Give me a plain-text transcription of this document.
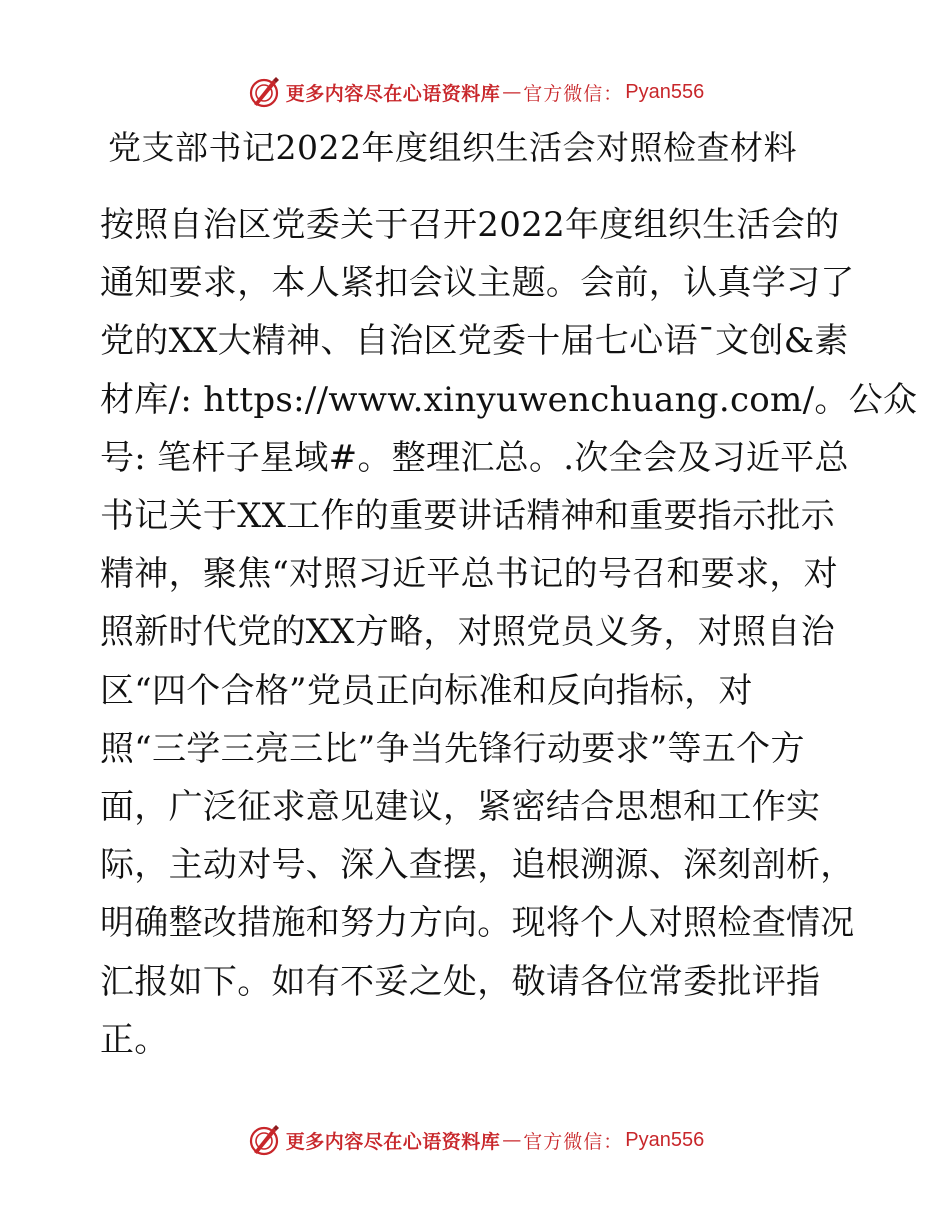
更多内容尽在心语资料库 — 官方微信： Pyan556
党支部书记2022年度组织生活会对照检查材料
按照自治区党委关于召开2022年度组织生活会的
通知要求，本人紧扣会议主题。会前，认真学习了
党的XX大精神、自治区党委十届七心语¯文创&素
材库/: https://www.xinyuwenchuang.com/。公众
号: 笔杆子星域#。整理汇总。.次全会及习近平总
书记关于XX工作的重要讲话精神和重要指示批示
精神，聚焦“对照习近平总书记的号召和要求，对
照新时代党的XX方略，对照党员义务，对照自治
区“四个合格”党员正向标准和反向指标，对
照“三学三亮三比”争当先锋行动要求”等五个方
面，广泛征求意见建议，紧密结合思想和工作实
际，主动对号、深入查摆，追根溯源、深刻剖析，
明确整改措施和努力方向。现将个人对照检查情况
汇报如下。如有不妥之处，敬请各位常委批评指
正。
更多内容尽在心语资料库 — 官方微信： Pyan556
